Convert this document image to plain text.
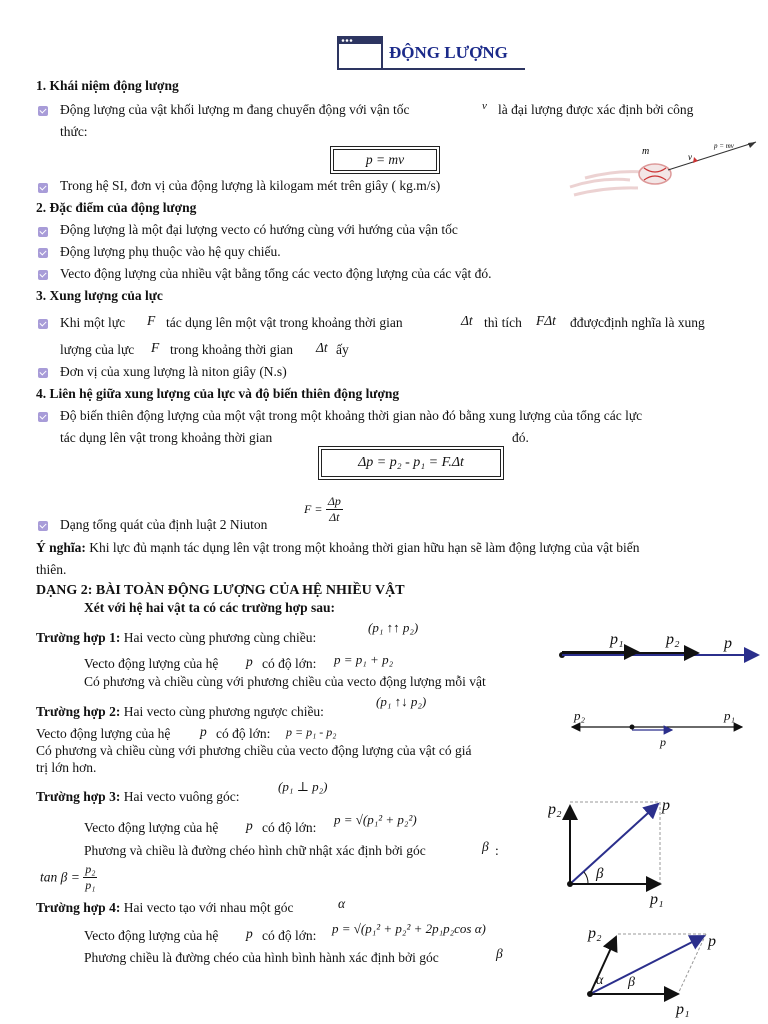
ĐỘNG LƯỢNG
1. Khái niệm động lượng
Động lượng của vật khối lượng m đang chuyển động với vận tốc	v là đại lượng được xác định bởi công
thức:
p = mv
Trong hệ SI, đơn vị của động lượng là kilogam mét trên giây ( kg.m/s)
m	v
p = mv
2. Đặc điểm của động lượng
Động lượng là một đại lượng vecto có hướng cùng với hướng của vận tốc
Động lượng phụ thuộc vào hệ quy chiếu.
Vecto động lượng của nhiều vật bằng tổng các vecto động lượng của các vật đó.
3. Xung lượng của lực
Khi một lực F tác dụng lên một vật trong khoảng thời gian	Δt thì tích FΔt đđượcđịnh nghĩa là xung
lượng của lực F trong khoảng thời gian Δt ấy
Đơn vị của xung lượng là niton giây (N.s)
4. Liên hệ giữa xung lượng của lực và độ biến thiên động lượng
Độ biến thiên động lượng của một vật trong một khoảng thời gian nào đó bằng xung lượng của tổng các lực
tác dụng lên vật trong khoảng thời gian	đó.
Δp = p₂ - p₁ = F.Δt
Dạng tổng quát của định luật 2 Niuton
$F = \frac{\Delta p}{\Delta t}$
Ý nghĩa: Khi lực đủ mạnh tác dụng lên vật trong một khoảng thời gian hữu hạn sẽ làm động lượng của vật biến
thiên.
DẠNG 2: BÀI TOÀN ĐỘNG LƯỢNG CỦA HỆ NHIỀU VẬT
Xét với hệ hai vật ta có các trường hợp sau:
Trường hợp 1: Hai vecto cùng phương cùng chiều:
(p₁ ↑↑ p₂)
Vecto động lượng của hệ p có độ lớn: p = p₁ + p₂
Có phương và chiều cùng với phương chiều của vecto động lượng mỗi vật
Trường hợp 2: Hai vecto cùng phương ngược chiều:
(p₁ ↑↓ p₂)
Vecto động lượng của hệ p có độ lớn: p = p₁ - p₂
Có phương và chiều cùng với phương chiều của vecto động lượng của vật có giá
trị lớn hơn.
Trường hợp 3: Hai vecto vuông góc:
(p₁ ⊥ p₂)
Vecto động lượng của hệ p có độ lớn:
p = √(p₁² + p₂²)
Phương và chiều là đường chéo hình chữ nhật xác định bởi góc	β :
$\tan \beta = \frac{\text{p₂}}{\text{p₁}}$
Trường hợp 4: Hai vecto tạo với nhau một góc	α
Vecto động lượng của hệ p có độ lớn: p = √(p₁² + p₂² + 2p₁p₂cos α)
Phương chiều là đường chéo của hình bình hành xác định bởi góc	β
p₁	p₂	p
p₂	p₁
p
p₂	p
p₁
β
p₂	p
p₁
α β
